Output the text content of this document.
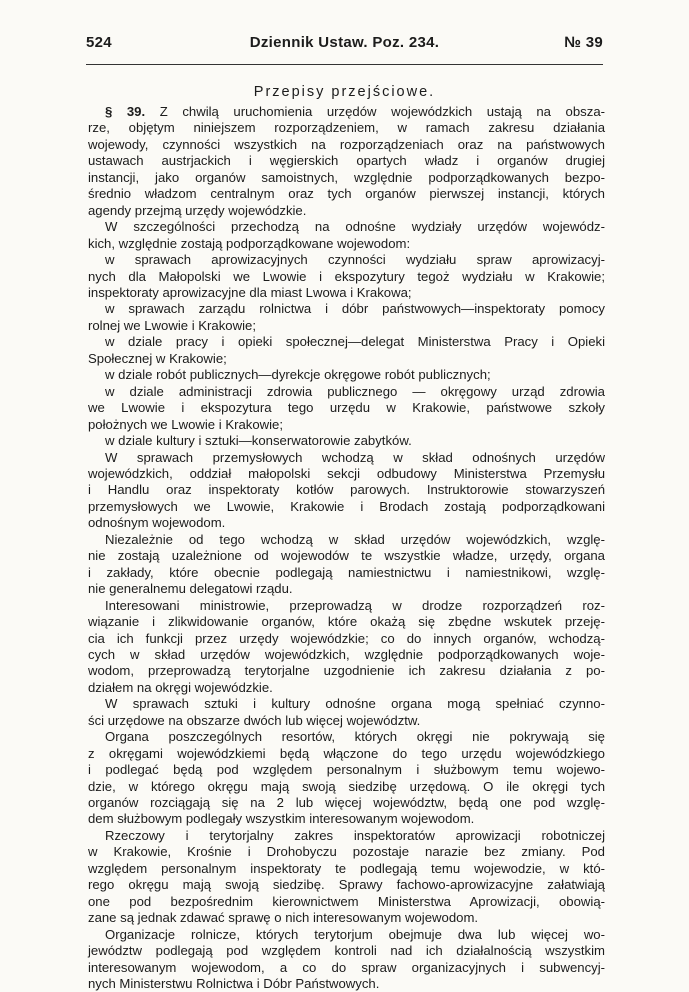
524	Dziennik Ustaw. Poz. 234.	№ 39
Przepisy przejściowe.

§ 39. Z chwilą uruchomienia urzędów wojewódzkich ustają na obsza-

rze, objętym niniejszem rozporządzeniem, w ramach zakresu działania

wojewody, czynności wszystkich na rozporządzeniach oraz na państwowych

ustawach austrjackich i węgierskich opartych władz i organów drugiej

instancji, jako organów samoistnych, względnie podporządkowanych bezpo-

średnio władzom centralnym oraz tych organów pierwszej instancji, których

agendy przejmą urzędy wojewódzkie.

W szczególności przechodzą na odnośne wydziały urzędów wojewódz-

kich, względnie zostają podporządkowane wojewodom:

w sprawach aprowizacyjnych czynności wydziału spraw aprowizacyj-

nych dla Małopolski we Lwowie i ekspozytury tegoż wydziału w Krakowie;

inspektoraty aprowizacyjne dla miast Lwowa i Krakowa;

w sprawach zarządu rolnictwa i dóbr państwowych—inspektoraty pomocy

rolnej we Lwowie i Krakowie;

w dziale pracy i opieki społecznej—delegat Ministerstwa Pracy i Opieki

Społecznej w Krakowie;

w dziale robót publicznych—dyrekcje okręgowe robót publicznych;

w dziale administracji zdrowia publicznego — okręgowy urząd zdrowia

we Lwowie i ekspozytura tego urzędu w Krakowie, państwowe szkoły

położnych we Lwowie i Krakowie;

w dziale kultury i sztuki—konserwatorowie zabytków.

W sprawach przemysłowych wchodzą w skład odnośnych urzędów

wojewódzkich, oddział małopolski sekcji odbudowy Ministerstwa Przemysłu

i Handlu oraz inspektoraty kotłów parowych. Instruktorowie stowarzyszeń

przemysłowych we Lwowie, Krakowie i Brodach zostają podporządkowani

odnośnym wojewodom.

Niezależnie od tego wchodzą w skład urzędów wojewódzkich, wzglę-

nie zostają uzależnione od wojewodów te wszystkie władze, urzędy, organa

i zakłady, które obecnie podlegają namiestnictwu i namiestnikowi, wzglę-

nie generalnemu delegatowi rządu.

Interesowani ministrowie, przeprowadzą w drodze rozporządzeń roz-

wiązanie i zlikwidowanie organów, które okażą się zbędne wskutek przeję-

cia ich funkcji przez urzędy wojewódzkie; co do innych organów, wchodzą-

cych w skład urzędów wojewódzkich, względnie podporządkowanych woje-

wodom, przeprowadzą terytorjalne uzgodnienie ich zakresu działania z po-

działem na okręgi wojewódzkie.

W sprawach sztuki i kultury odnośne organa mogą spełniać czynno-

ści urzędowe na obszarze dwóch lub więcej województw.

Organa poszczególnych resortów, których okręgi nie pokrywają się

z okręgami wojewódzkiemi będą włączone do tego urzędu wojewódzkiego

i podlegać będą pod względem personalnym i służbowym temu wojewo-

dzie, w którego okręgu mają swoją siedzibę urzędową. O ile okręgi tych

organów rozciągają się na 2 lub więcej województw, będą one pod wzglę-

dem służbowym podlegały wszystkim interesowanym wojewodom.

Rzeczowy i terytorjalny zakres inspektoratów aprowizacji robotniczej

w Krakowie, Krośnie i Drohobyczu pozostaje narazie bez zmiany. Pod

względem personalnym inspektoraty te podlegają temu wojewodzie, w któ-

rego okręgu mają swoją siedzibę. Sprawy fachowo-aprowizacyjne załatwiają

one pod bezpośrednim kierownictwem Ministerstwa Aprowizacji, obowią-

zane są jednak zdawać sprawę o nich interesowanym wojewodom.

Organizacje rolnicze, których terytorjum obejmuje dwa lub więcej wo-

jewództw podlegają pod względem kontroli nad ich działalnością wszystkim

interesowanym wojewodom, a co do spraw organizacyjnych i subwencyj-

nych Ministerstwu Rolnictwa i Dóbr Państwowych.
